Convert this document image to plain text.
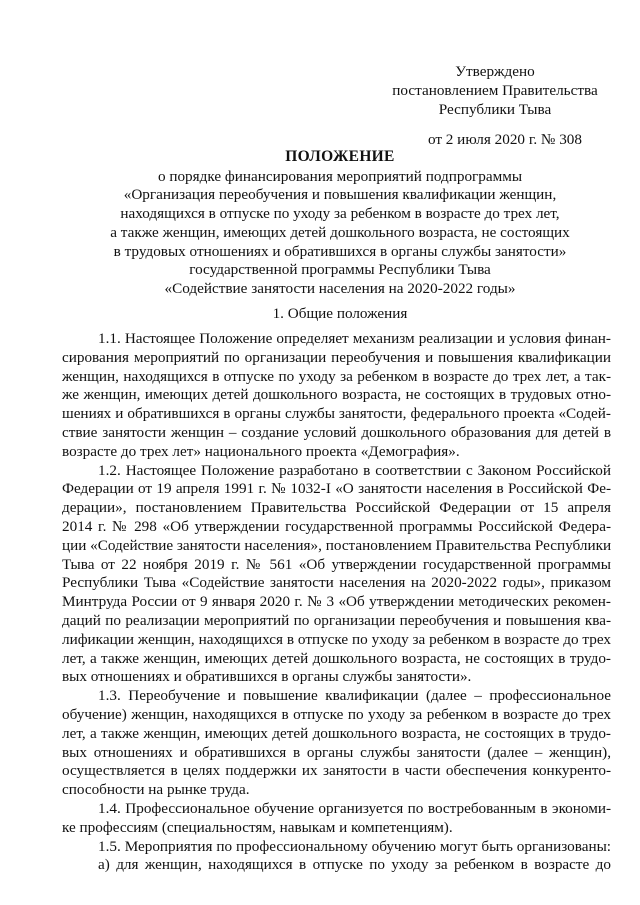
Утверждено
постановлением Правительства
Республики Тыва
от 2 июля 2020 г. № 308
ПОЛОЖЕНИЕ
о порядке финансирования мероприятий подпрограммы
«Организация переобучения и повышения квалификации женщин,
находящихся в отпуске по уходу за ребенком в возрасте до трех лет,
а также женщин, имеющих детей дошкольного возраста, не состоящих
в трудовых отношениях и обратившихся в органы службы занятости»
государственной программы Республики Тыва
«Содействие занятости населения на 2020-2022 годы»
1. Общие положения
1.1. Настоящее Положение определяет механизм реализации и условия финан-
сирования мероприятий по организации переобучения и повышения квалификации
женщин, находящихся в отпуске по уходу за ребенком в возрасте до трех лет, а так-
же женщин, имеющих детей дошкольного возраста, не состоящих в трудовых отно-
шениях и обратившихся в органы службы занятости, федерального проекта «Содей-
ствие занятости женщин – создание условий дошкольного образования для детей в
возрасте до трех лет» национального проекта «Демография».
1.2. Настоящее Положение разработано в соответствии с Законом Российской
Федерации от 19 апреля 1991 г. № 1032-I «О занятости населения в Российской Фе-
дерации», постановлением Правительства Российской Федерации от 15 апреля
2014 г. № 298 «Об утверждении государственной программы Российской Федера-
ции «Содействие занятости населения», постановлением Правительства Республики
Тыва от 22 ноября 2019 г. № 561 «Об утверждении государственной программы
Республики Тыва «Содействие занятости населения на 2020-2022 годы», приказом
Минтруда России от 9 января 2020 г. № 3 «Об утверждении методических рекомен-
даций по реализации мероприятий по организации переобучения и повышения ква-
лификации женщин, находящихся в отпуске по уходу за ребенком в возрасте до трех
лет, а также женщин, имеющих детей дошкольного возраста, не состоящих в трудо-
вых отношениях и обратившихся в органы службы занятости».
1.3. Переобучение и повышение квалификации (далее – профессиональное
обучение) женщин, находящихся в отпуске по уходу за ребенком в возрасте до трех
лет, а также женщин, имеющих детей дошкольного возраста, не состоящих в трудо-
вых отношениях и обратившихся в органы службы занятости (далее – женщин),
осуществляется в целях поддержки их занятости в части обеспечения конкуренто-
способности на рынке труда.
1.4. Профессиональное обучение организуется по востребованным в экономи-
ке профессиям (специальностям, навыкам и компетенциям).
1.5. Мероприятия по профессиональному обучению могут быть организованы:
а) для женщин, находящихся в отпуске по уходу за ребенком в возрасте до
